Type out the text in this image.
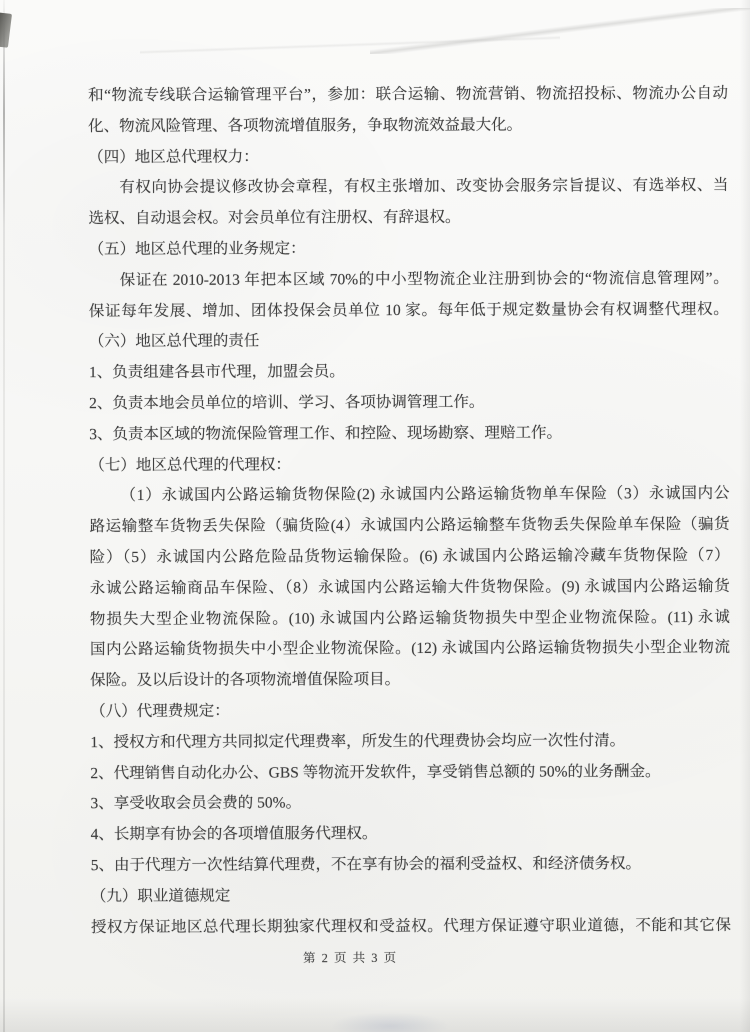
和“物流专线联合运输管理平台”，参加：联合运输、物流营销、物流招投标、物流办公自动

化、物流风险管理、各项物流增值服务，争取物流效益最大化。

（四）地区总代理权力：

有权向协会提议修改协会章程，有权主张增加、改变协会服务宗旨提议、有选举权、当

选权、自动退会权。对会员单位有注册权、有辞退权。

（五）地区总代理的业务规定：

保证在 2010-2013 年把本区域 70%的中小型物流企业注册到协会的“物流信息管理网”。

保证每年发展、增加、团体投保会员单位 10 家。每年低于规定数量协会有权调整代理权。

（六）地区总代理的责任

1、负责组建各县市代理，加盟会员。

2、负责本地会员单位的培训、学习、各项协调管理工作。

3、负责本区域的物流保险管理工作、和控险、现场勘察、理赔工作。

（七）地区总代理的代理权：

（1）永诚国内公路运输货物保险(2) 永诚国内公路运输货物单车保险（3）永诚国内公

路运输整车货物丢失保险（骗货险(4）永诚国内公路运输整车货物丢失保险单车保险（骗货

险）（5）永诚国内公路危险品货物运输保险。(6) 永诚国内公路运输冷藏车货物保险（7）

永诚公路运输商品车保险、（8）永诚国内公路运输大件货物保险。(9) 永诚国内公路运输货

物损失大型企业物流保险。(10) 永诚国内公路运输货物损失中型企业物流保险。(11) 永诚

国内公路运输货物损失中小型企业物流保险。(12) 永诚国内公路运输货物损失小型企业物流

保险。及以后设计的各项物流增值保险项目。

（八）代理费规定：

1、授权方和代理方共同拟定代理费率，所发生的代理费协会均应一次性付清。

2、代理销售自动化办公、GBS 等物流开发软件，享受销售总额的 50%的业务酬金。

3、享受收取会员会费的 50%。

4、长期享有协会的各项增值服务代理权。

5、由于代理方一次性结算代理费，不在享有协会的福利受益权、和经济债务权。

（九）职业道德规定

授权方保证地区总代理长期独家代理权和受益权。代理方保证遵守职业道德，不能和其它保

第 2 页 共 3 页
